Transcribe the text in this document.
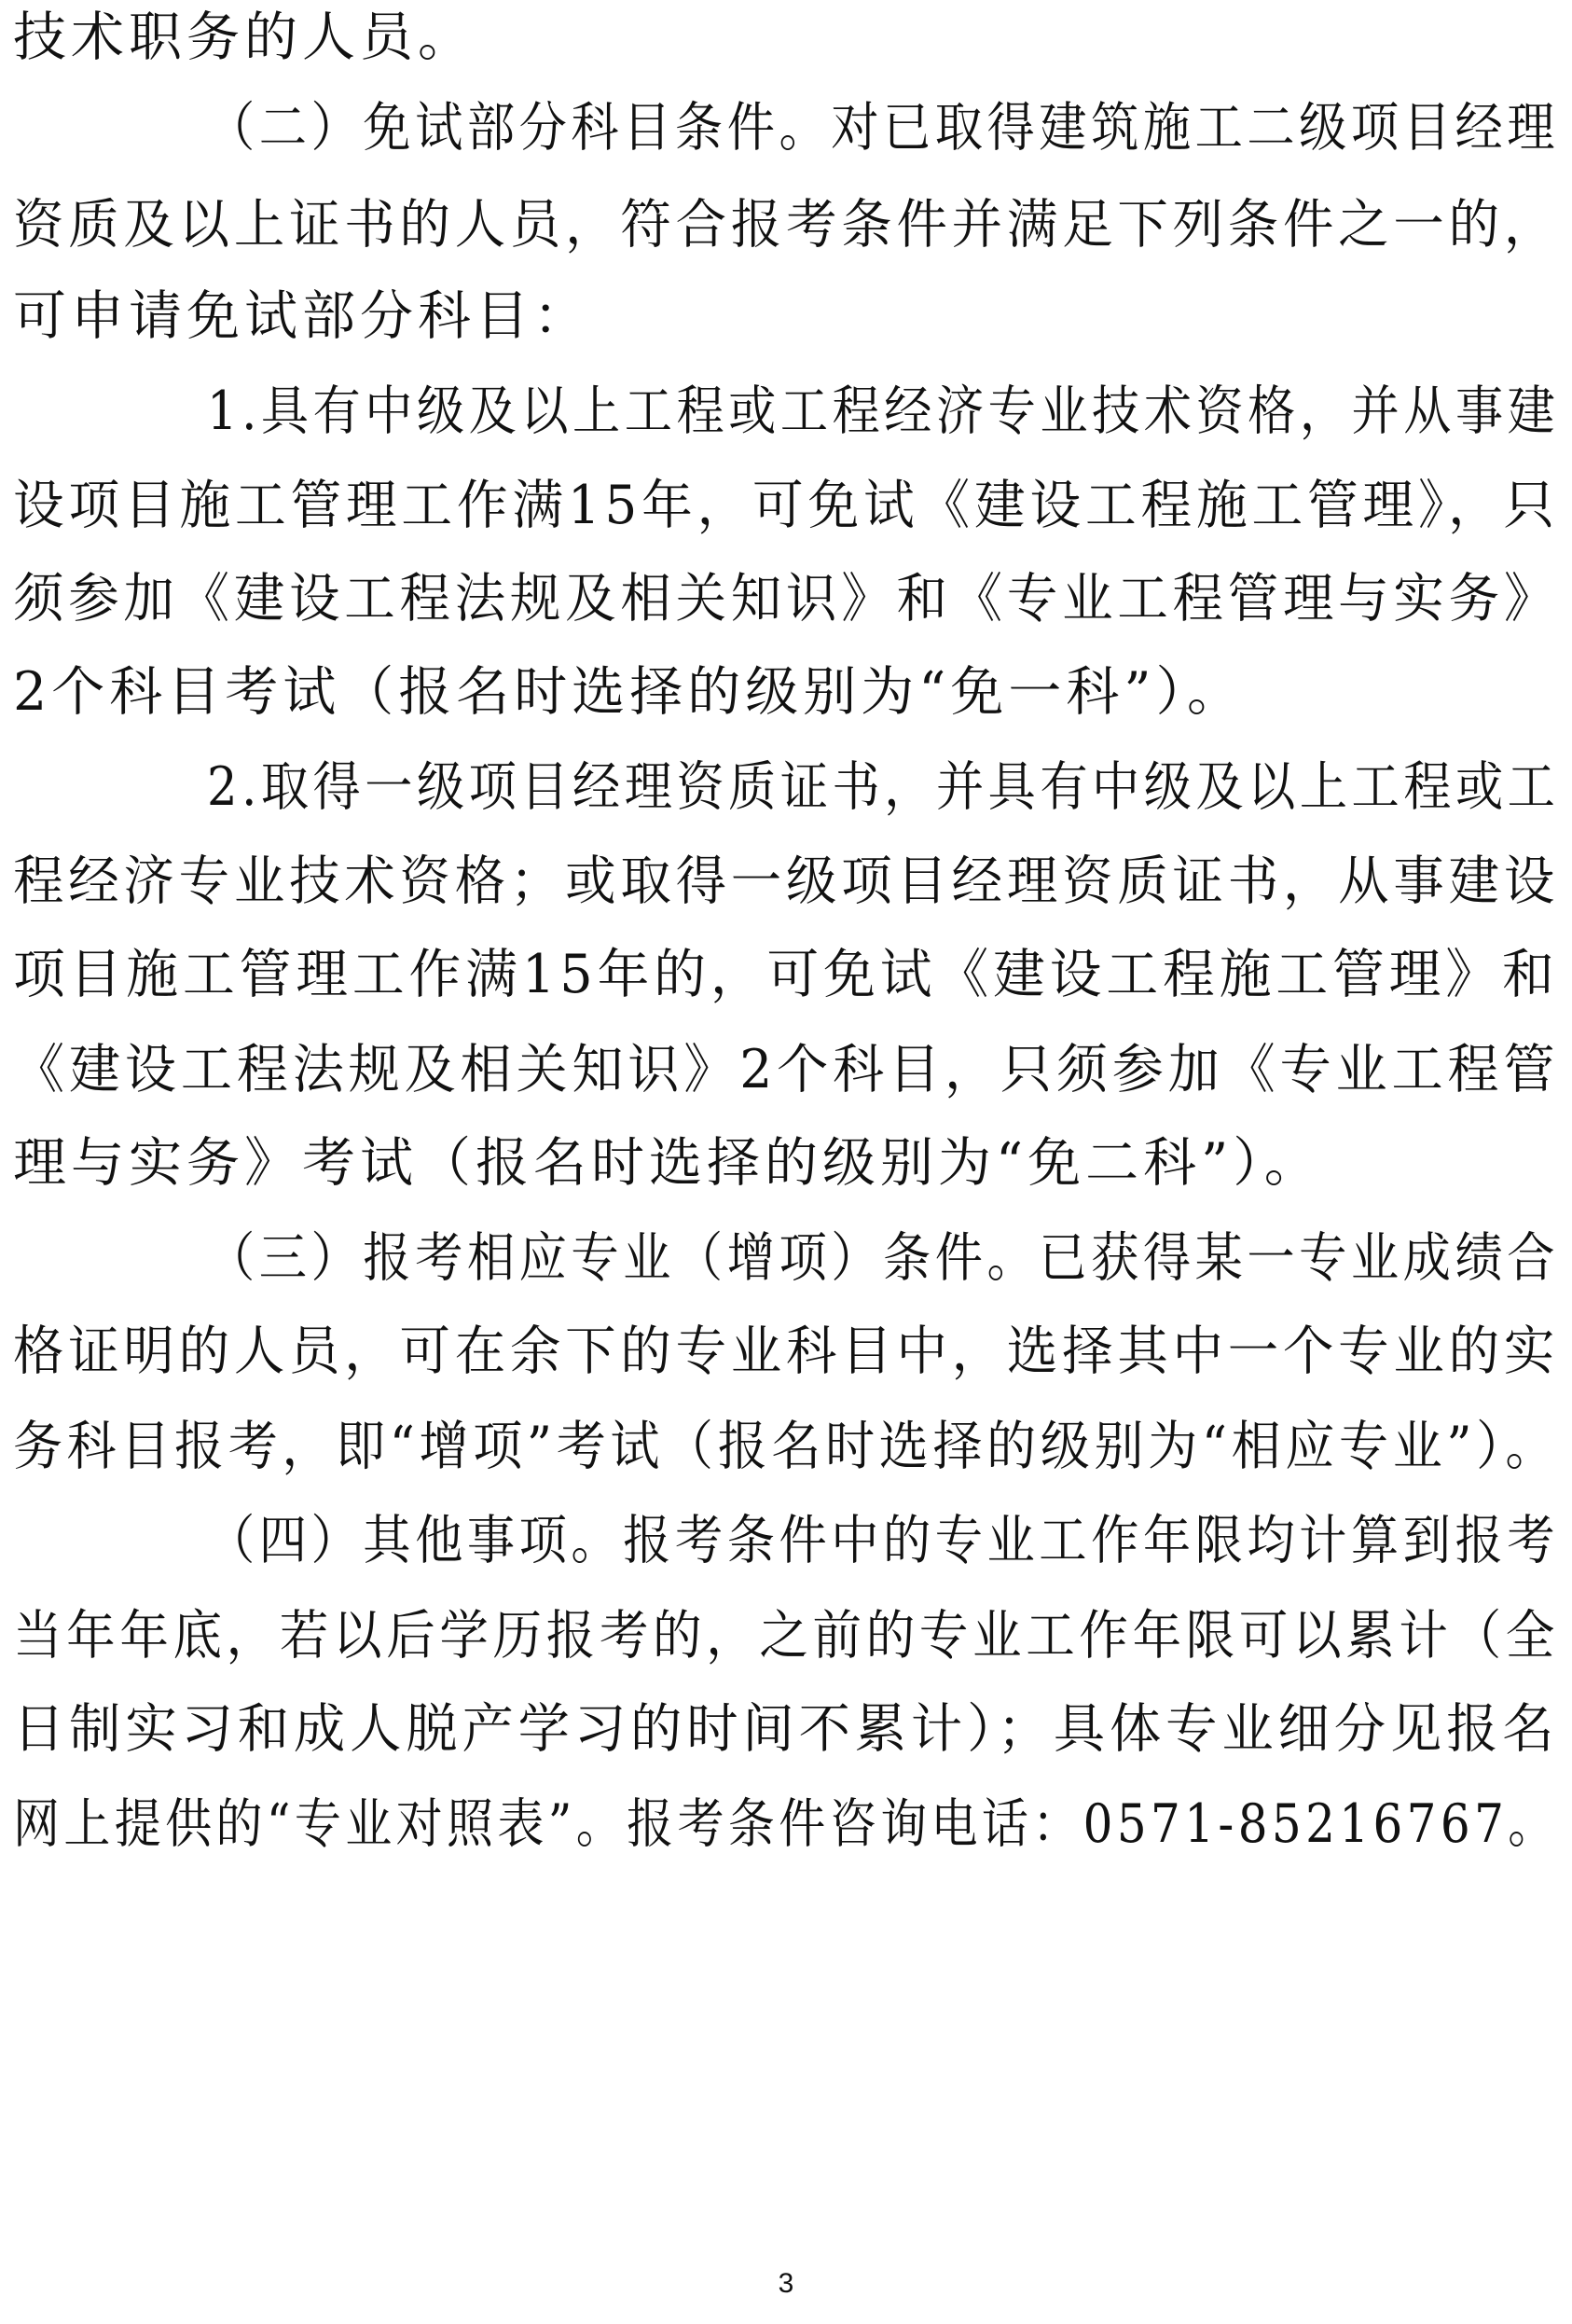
技术职务的人员。
（二）免试部分科目条件。对已取得建筑施工二级项目经理
资质及以上证书的人员，符合报考条件并满足下列条件之一的，
可申请免试部分科目：
1.具有中级及以上工程或工程经济专业技术资格，并从事建
设项目施工管理工作满15年，可免试《建设工程施工管理》，只
须参加《建设工程法规及相关知识》和《专业工程管理与实务》
2个科目考试（报名时选择的级别为“免一科”）。
2.取得一级项目经理资质证书，并具有中级及以上工程或工
程经济专业技术资格；或取得一级项目经理资质证书，从事建设
项目施工管理工作满15年的，可免试《建设工程施工管理》和
《建设工程法规及相关知识》2个科目，只须参加《专业工程管
理与实务》考试（报名时选择的级别为“免二科”）。
（三）报考相应专业（增项）条件。已获得某一专业成绩合
格证明的人员，可在余下的专业科目中，选择其中一个专业的实
务科目报考，即“增项”考试（报名时选择的级别为“相应专业”）。
（四）其他事项。报考条件中的专业工作年限均计算到报考
当年年底，若以后学历报考的，之前的专业工作年限可以累计（全
日制实习和成人脱产学习的时间不累计）；具体专业细分见报名
网上提供的“专业对照表”。报考条件咨询电话：0571-85216767。
3
